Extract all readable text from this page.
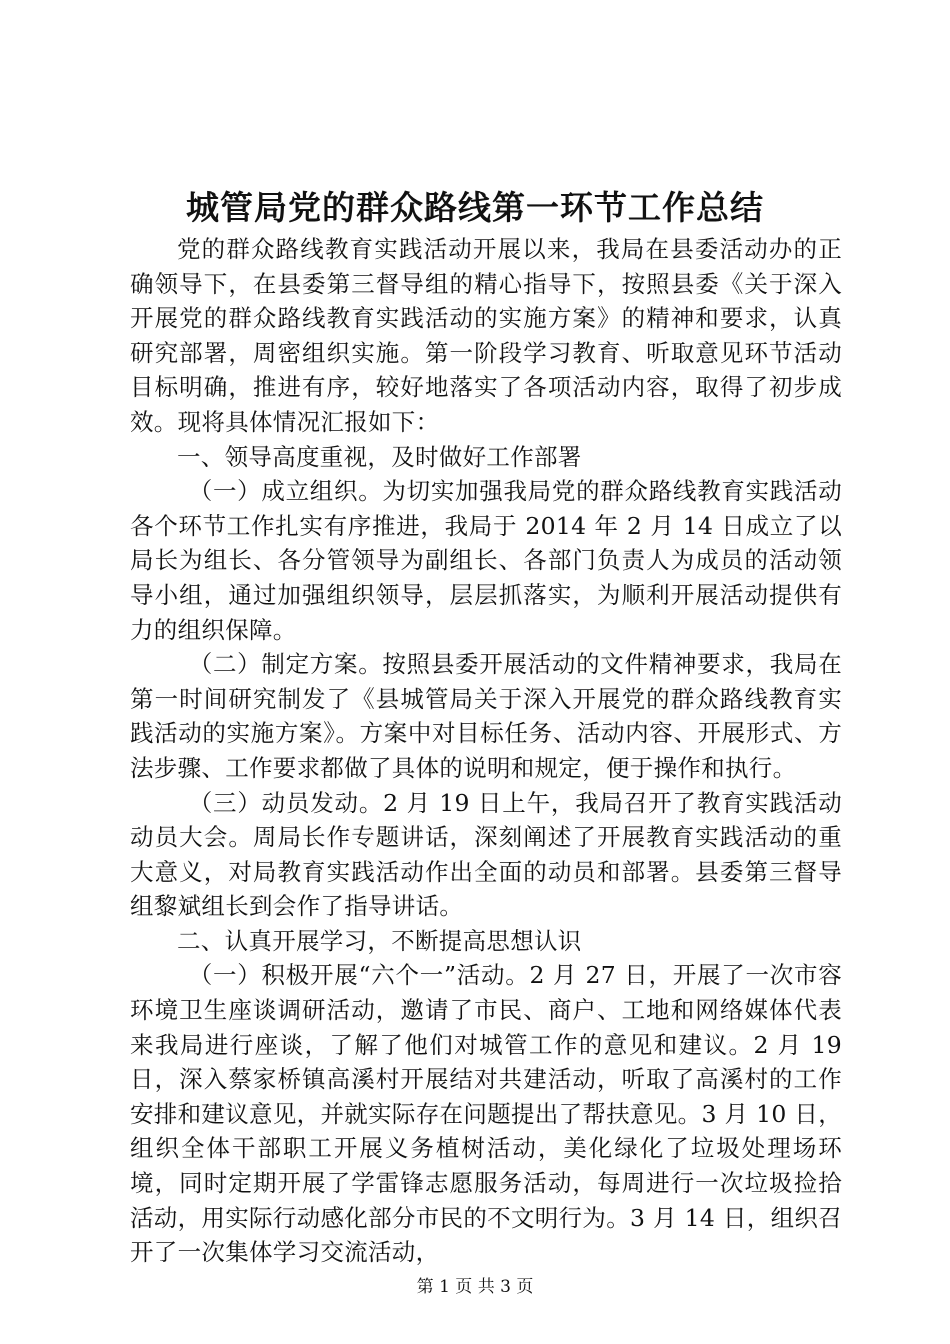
城管局党的群众路线第一环节工作总结

党的群众路线教育实践活动开展以来，我局在县委活动办的正确领导下，在县委第三督导组的精心指导下，按照县委《关于深入开展党的群众路线教育实践活动的实施方案》的精神和要求，认真研究部署，周密组织实施。第一阶段学习教育、听取意见环节活动目标明确，推进有序，较好地落实了各项活动内容，取得了初步成效。现将具体情况汇报如下：

一、领导高度重视，及时做好工作部署

（一）成立组织。为切实加强我局党的群众路线教育实践活动各个环节工作扎实有序推进，我局于 2014 年 2 月 14 日成立了以局长为组长、各分管领导为副组长、各部门负责人为成员的活动领导小组，通过加强组织领导，层层抓落实，为顺利开展活动提供有力的组织保障。

（二）制定方案。按照县委开展活动的文件精神要求，我局在第一时间研究制发了《县城管局关于深入开展党的群众路线教育实践活动的实施方案》。方案中对目标任务、活动内容、开展形式、方法步骤、工作要求都做了具体的说明和规定，便于操作和执行。

（三）动员发动。2 月 19 日上午，我局召开了教育实践活动动员大会。周局长作专题讲话，深刻阐述了开展教育实践活动的重大意义，对局教育实践活动作出全面的动员和部署。县委第三督导组黎斌组长到会作了指导讲话。

二、认真开展学习，不断提高思想认识

（一）积极开展“六个一”活动。2 月 27 日，开展了一次市容环境卫生座谈调研活动，邀请了市民、商户、工地和网络媒体代表来我局进行座谈，了解了他们对城管工作的意见和建议。2 月 19 日，深入蔡家桥镇高溪村开展结对共建活动，听取了高溪村的工作安排和建议意见，并就实际存在问题提出了帮扶意见。3 月 10 日，组织全体干部职工开展义务植树活动，美化绿化了垃圾处理场环境，同时定期开展了学雷锋志愿服务活动，每周进行一次垃圾捡拾活动，用实际行动感化部分市民的不文明行为。3 月 14 日，组织召开了一次集体学习交流活动，

第 1 页 共 3 页
